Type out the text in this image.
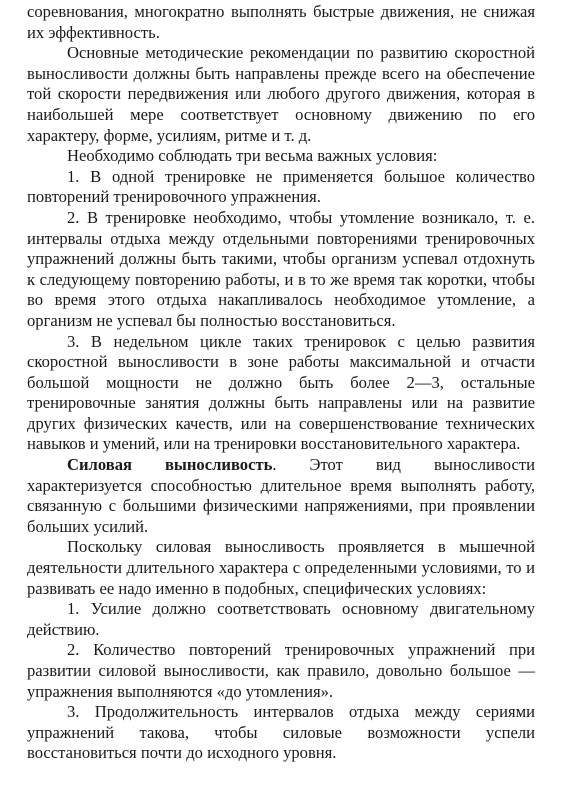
соревнования, многократно выполнять быстрые движения, не снижая их эффективность.

Основные методические рекомендации по развитию скоростной выносливости должны быть направлены прежде всего на обеспечение той скорости передвижения или любого другого движения, которая в наибольшей мере соответствует основному движению по его характеру, форме, усилиям, ритме и т. д.

Необходимо соблюдать три весьма важных условия:

1. В одной тренировке не применяется большое количество повторений тренировочного упражнения.

2. В тренировке необходимо, чтобы утомление возникало, т. е. интервалы отдыха между отдельными повторениями тренировочных упражнений должны быть такими, чтобы организм успевал отдохнуть к следующему повторению работы, и в то же время так коротки, чтобы во время этого отдыха накапливалось необходимое утомление, а организм не успевал бы полностью восстановиться.

3. В недельном цикле таких тренировок с целью развития скоростной выносливости в зоне работы максимальной и отчасти большой мощности не должно быть более 2—3, остальные тренировочные занятия должны быть направлены или на развитие других физических качеств, или на совершенствование технических навыков и умений, или на тренировки восстановительного характера.

Силовая выносливость. Этот вид выносливости характеризуется способностью длительное время выполнять работу, связанную с большими физическими напряжениями, при проявлении больших усилий.

Поскольку силовая выносливость проявляется в мышечной деятельности длительного характера с определенными условиями, то и развивать ее надо именно в подобных, специфических условиях:

1. Усилие должно соответствовать основному двигательному действию.

2. Количество повторений тренировочных упражнений при развитии силовой выносливости, как правило, довольно большое — упражнения выполняются «до утомления».

3. Продолжительность интервалов отдыха между сериями упражнений такова, чтобы силовые возможности успели восстановиться почти до исходного уровня.
